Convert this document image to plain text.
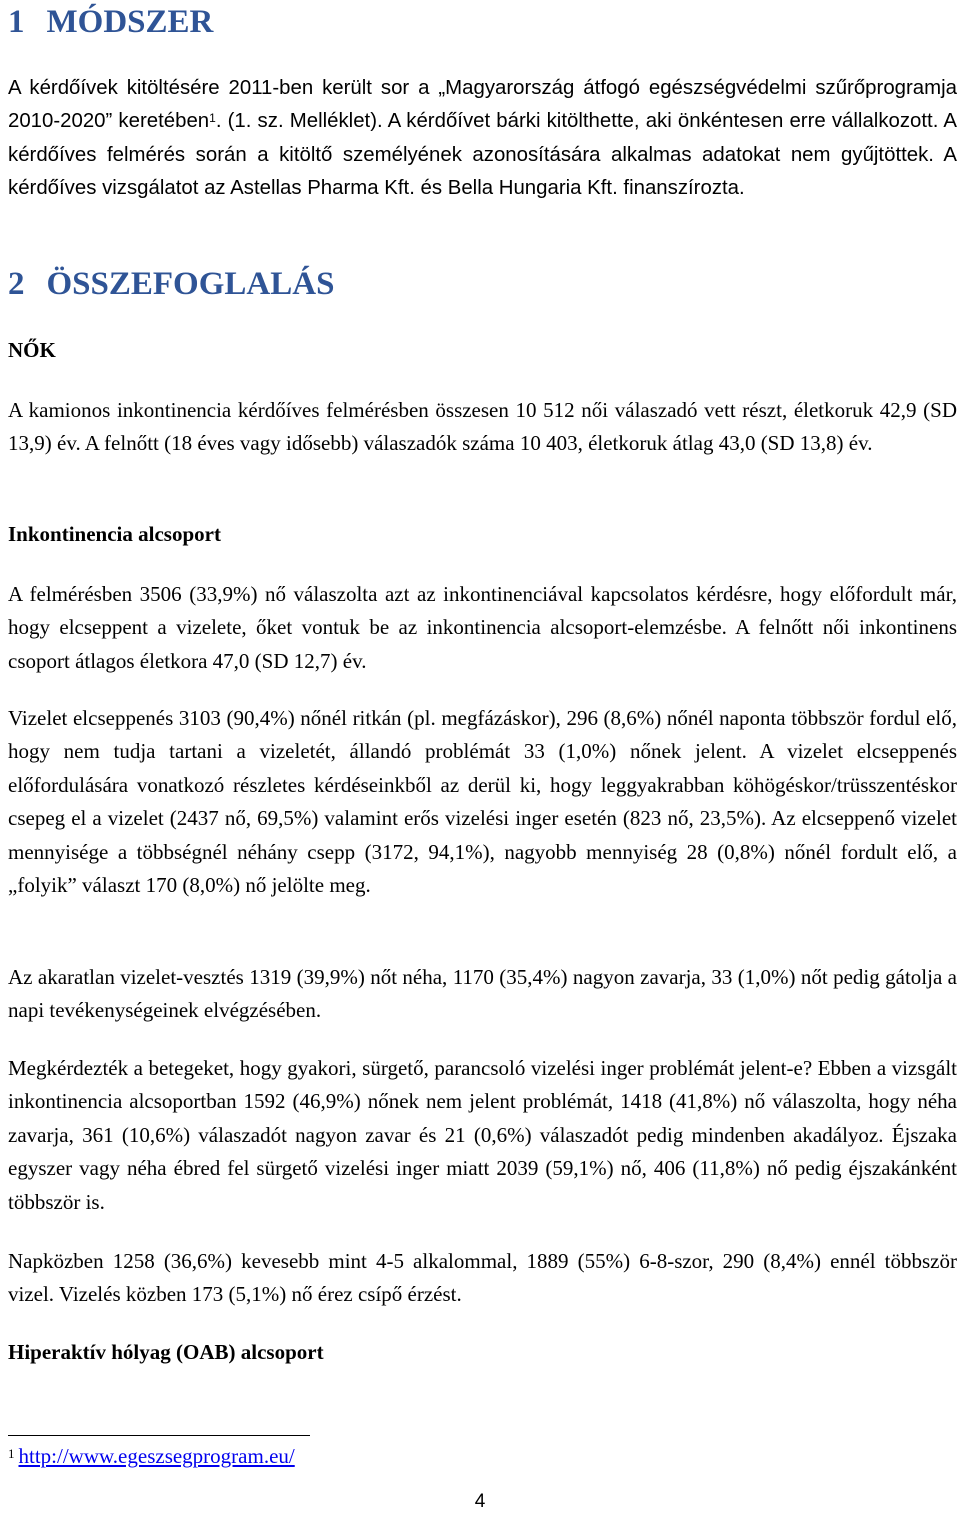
1 MÓDSZER

A kérdőívek kitöltésére 2011-ben került sor a „Magyarország átfogó egészségvédelmi szűrőprogramja 2010-2020” keretében$^1$. (1. sz. Melléklet). A kérdőívet bárki kitölthette, aki önkéntesen erre vállalkozott. A kérdőíves felmérés során a kitöltő személyének azonosítására alkalmas adatokat nem gyűjtöttek. A kérdőíves vizsgálatot az Astellas Pharma Kft. és Bella Hungaria Kft. finanszírozta.

2 ÖSSZEFOGLALÁS
NŐK

A kamionos inkontinencia kérdőíves felmérésben összesen 10 512 női válaszadó vett részt, életkoruk 42,9 (SD 13,9) év. A felnőtt (18 éves vagy idősebb) válaszadók száma 10 403, életkoruk átlag 43,0 (SD 13,8) év.

Inkontinencia alcsoport

A felmérésben 3506 (33,9%) nő válaszolta azt az inkontinenciával kapcsolatos kérdésre, hogy előfordult már, hogy elcseppent a vizelete, őket vontuk be az inkontinencia alcsoport-elemzésbe. A felnőtt női inkontinens csoport átlagos életkora 47,0 (SD 12,7) év.

Vizelet elcseppenés 3103 (90,4%) nőnél ritkán (pl. megfázáskor), 296 (8,6%) nőnél naponta többször fordul elő, hogy nem tudja tartani a vizeletét, állandó problémát 33 (1,0%) nőnek jelent. A vizelet elcseppenés előfordulására vonatkozó részletes kérdéseinkből az derül ki, hogy leggyakrabban köhögéskor/trüsszentéskor csepeg el a vizelet (2437 nő, 69,5%) valamint erős vizelési inger esetén (823 nő, 23,5%). Az elcseppenő vizelet mennyisége a többségnél néhány csepp (3172, 94,1%), nagyobb mennyiség 28 (0,8%) nőnél fordult elő, a „folyik” választ 170 (8,0%) nő jelölte meg.

Az akaratlan vizelet-vesztés 1319 (39,9%) nőt néha, 1170 (35,4%) nagyon zavarja, 33 (1,0%) nőt pedig gátolja a napi tevékenységeinek elvégzésében.

Megkérdezték a betegeket, hogy gyakori, sürgető, parancsoló vizelési inger problémát jelent-e? Ebben a vizsgált inkontinencia alcsoportban 1592 (46,9%) nőnek nem jelent problémát, 1418 (41,8%) nő válaszolta, hogy néha zavarja, 361 (10,6%) válaszadót nagyon zavar és 21 (0,6%) válaszadót pedig mindenben akadályoz. Éjszaka egyszer vagy néha ébred fel sürgető vizelési inger miatt 2039 (59,1%) nő, 406 (11,8%) nő pedig éjszakánként többször is.

Napközben 1258 (36,6%) kevesebb mint 4-5 alkalommal, 1889 (55%) 6-8-szor, 290 (8,4%) ennél többször vizel. Vizelés közben 173 (5,1%) nő érez csípő érzést.

Hiperaktív hólyag (OAB) alcsoport
$^1$ http://www.egeszsegprogram.eu/
4
